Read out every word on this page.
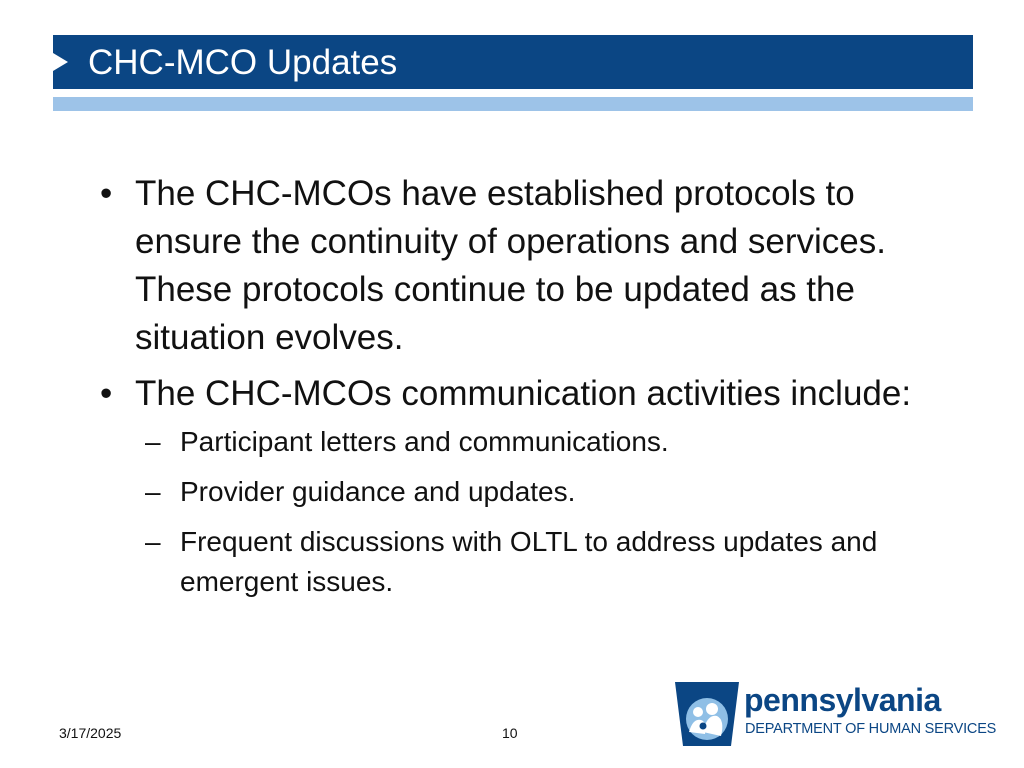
CHC-MCO Updates
• The CHC-MCOs have established protocols to ensure the continuity of operations and services. These protocols continue to be updated as the situation evolves.
• The CHC-MCOs communication activities include:
– Participant letters and communications.
– Provider guidance and updates.
– Frequent discussions with OLTL to address updates and emergent issues.
3/17/2025	10
pennsylvania
DEPARTMENT OF HUMAN SERVICES
